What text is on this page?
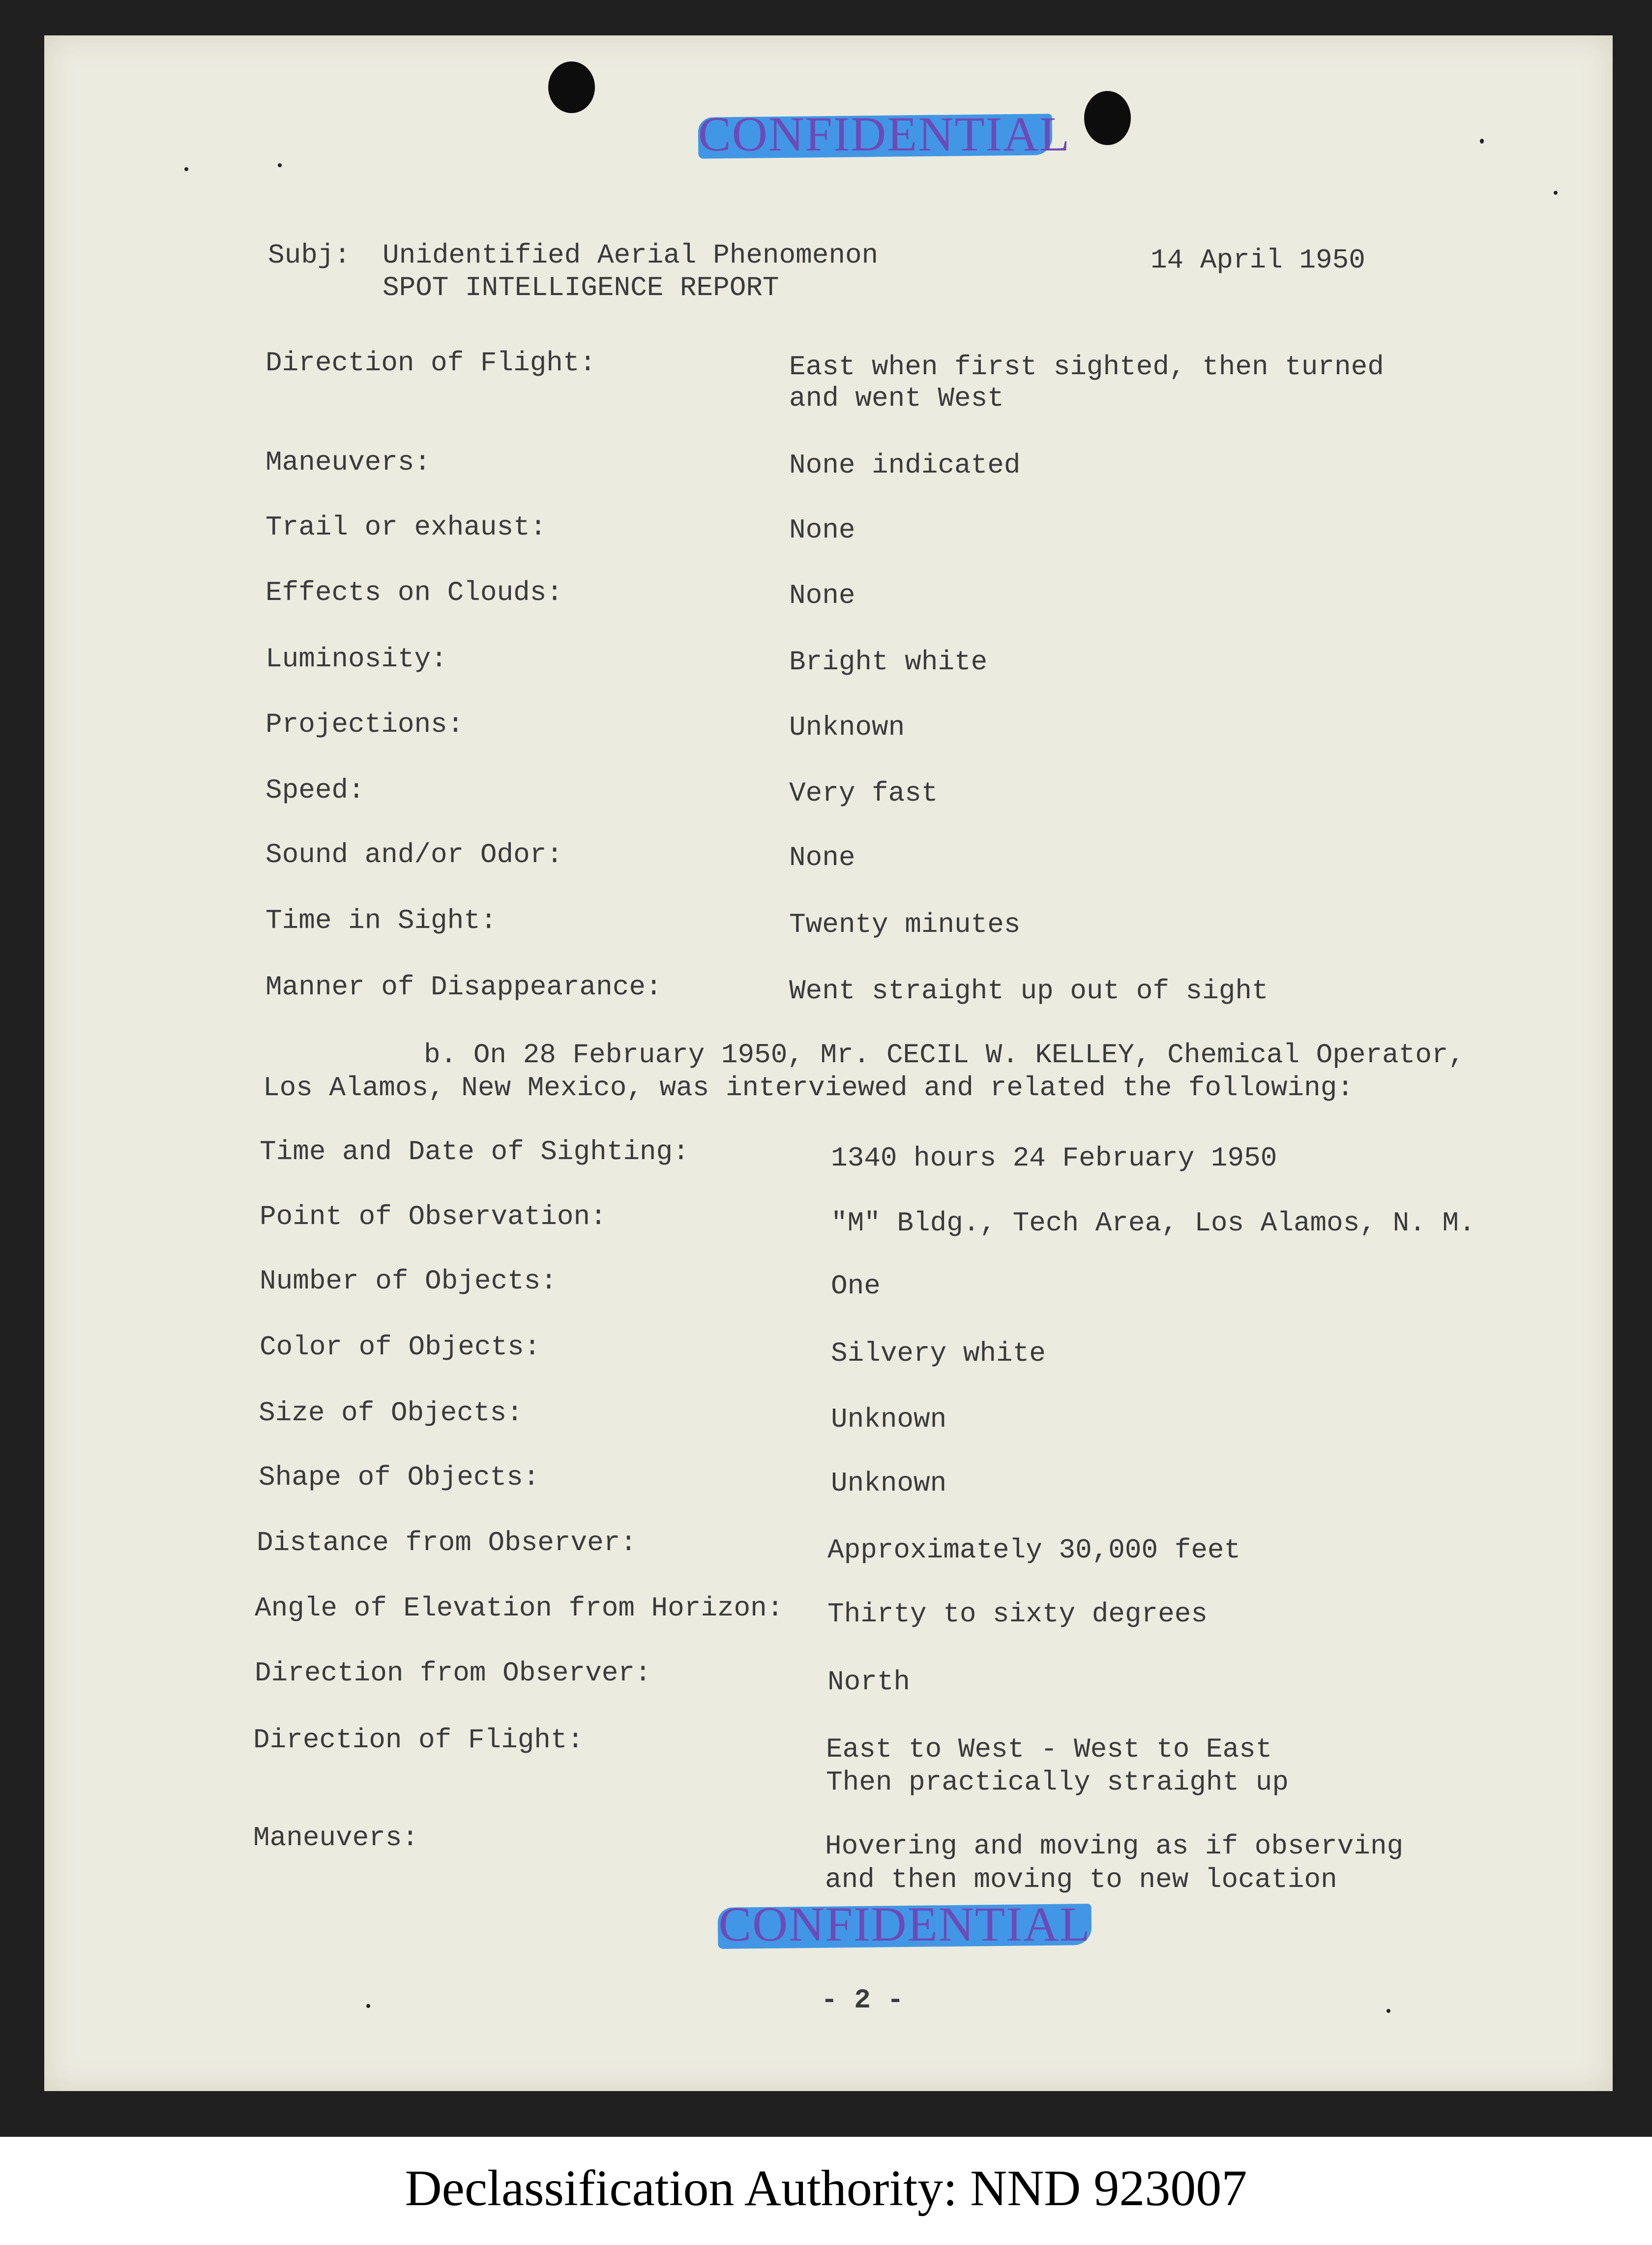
CONFIDENTIAL
Subj: Unidentified Aerial Phenomenon
SPOT INTELLIGENCE REPORT
14 April 1950
Direction of Flight:	East when first sighted, then turned
and went West
Maneuvers:	None indicated
Trail or exhaust:	None
Effects on Clouds:	None
Luminosity:	Bright white
Projections:	Unknown
Speed:	Very fast
Sound and/or Odor:	None
Time in Sight:	Twenty minutes
Manner of Disappearance:	Went straight up out of sight
b. On 28 February 1950, Mr. CECIL W. KELLEY, Chemical Operator,
Los Alamos, New Mexico, was interviewed and related the following:
Time and Date of Sighting:	1340 hours 24 February 1950
Point of Observation:	"M" Bldg., Tech Area, Los Alamos, N. M.
Number of Objects:	One
Color of Objects:	Silvery white
Size of Objects:	Unknown
Shape of Objects:	Unknown
Distance from Observer:	Approximately 30,000 feet
Angle of Elevation from Horizon: Thirty to sixty degrees
Direction from Observer:	North
Direction of Flight:	East to West - West to East
Then practically straight up
Maneuvers:	Hovering and moving as if observing
and then moving to new location
CONFIDENTIAL
- 2 -
Declassification Authority: NND 923007
